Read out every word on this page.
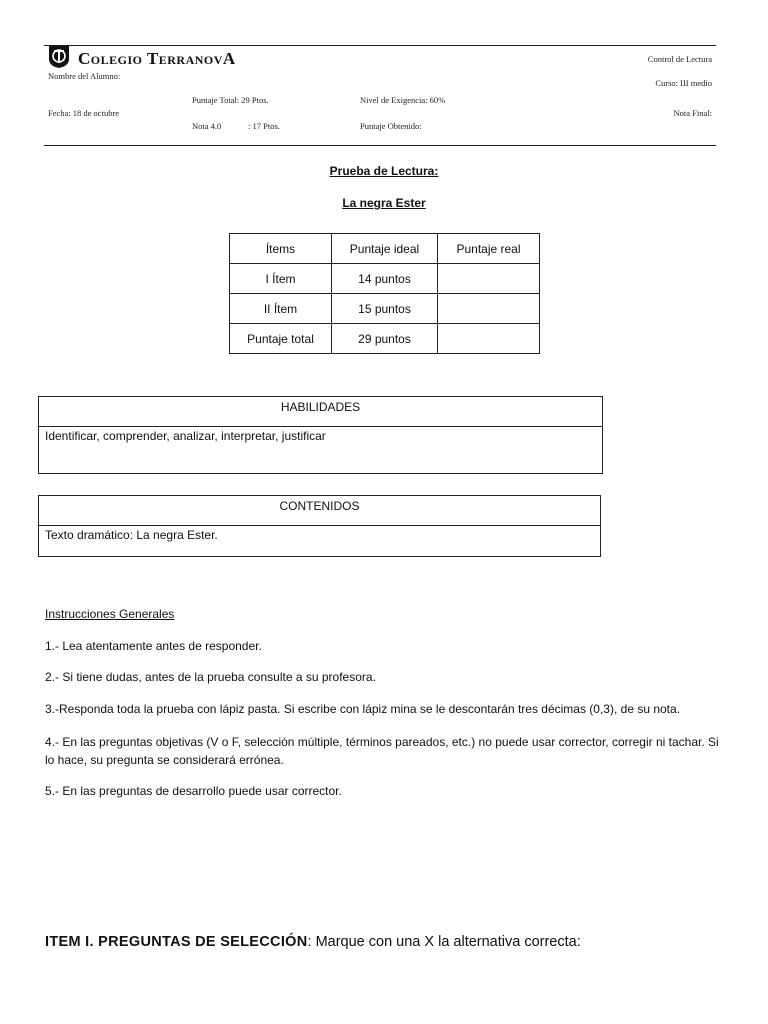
Colegio TerranovA
Nombre del Alumno:
Fecha: 18 de octubre
Puntaje Total: 29 Ptos.
Nota 4.0	: 17 Ptos.
Nivel de Exigencia: 60%
Puntaje Obtenido:
Control de Lectura
Curso: III medio
Nota Final:
Prueba de Lectura:
La negra Ester
Ítems	Puntaje ideal	Puntaje real
I Ítem	14 puntos	
II Ítem	15 puntos	
Puntaje total	29 puntos	
HABILIDADES
Identificar, comprender, analizar, interpretar, justificar
CONTENIDOS
Texto dramático: La negra Ester.
Instrucciones Generales
1.- Lea atentamente antes de responder.
2.- Si tiene dudas, antes de la prueba consulte a su profesora.
3.-Responda toda la prueba con lápiz pasta. Si escribe con lápiz mina se le descontarán tres décimas (0,3), de su nota.
4.- En las preguntas objetivas (V o F, selección múltiple, términos pareados, etc.) no puede usar corrector, corregir ni tachar. Si lo hace, su pregunta se considerará errónea.
5.- En las preguntas de desarrollo puede usar corrector.
ITEM I. PREGUNTAS DE SELECCIÓN: Marque con una X la alternativa correcta:
